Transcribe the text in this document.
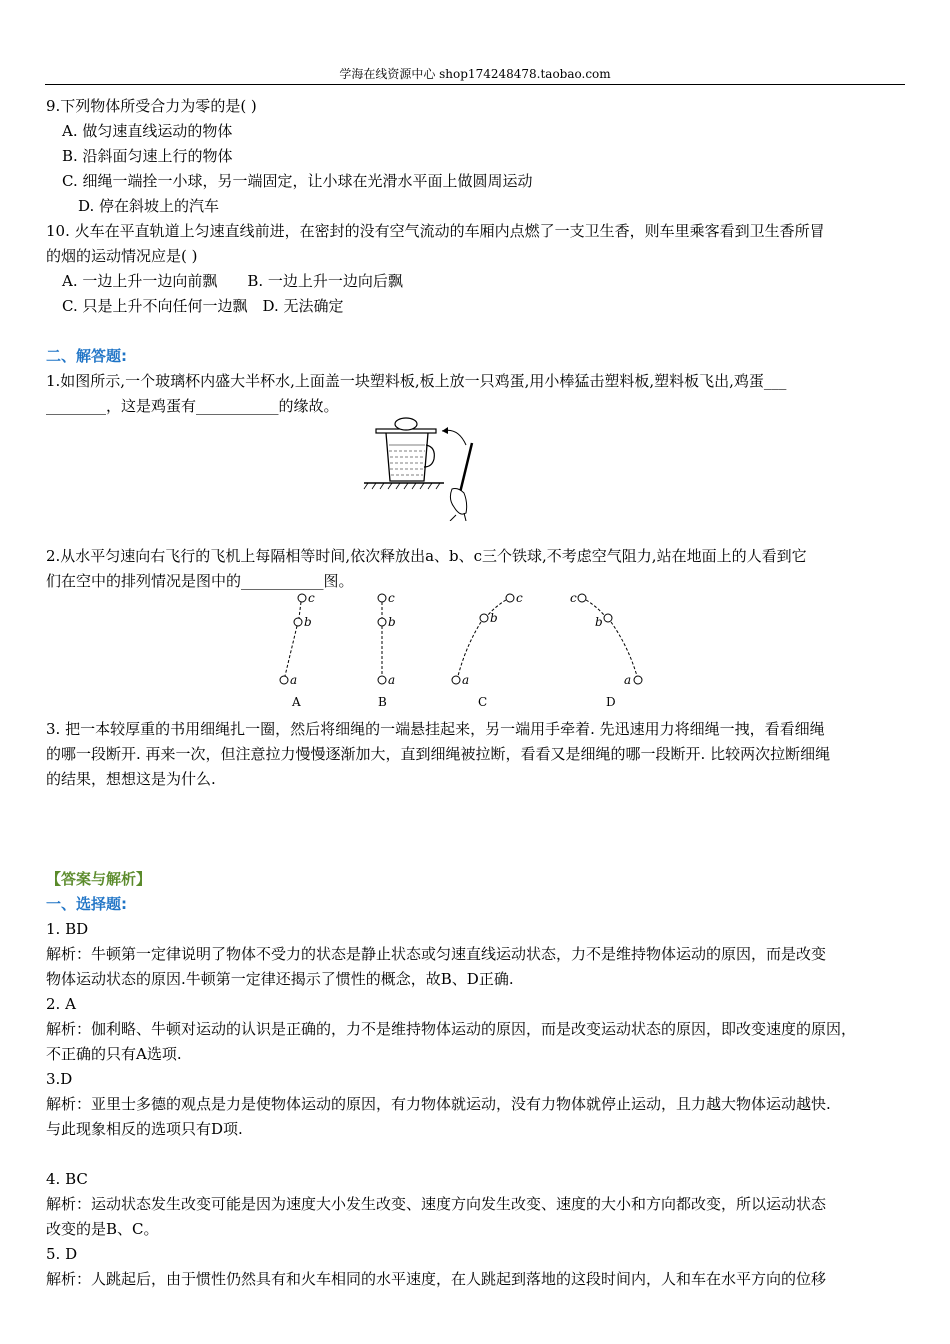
学海在线资源中心 shop174248478.taobao.com
9.下列物体所受合力为零的是( )
A. 做匀速直线运动的物体
B. 沿斜面匀速上行的物体
C. 细绳一端拴一小球，另一端固定，让小球在光滑水平面上做圆周运动
D. 停在斜坡上的汽车
10. 火车在平直轨道上匀速直线前进，在密封的没有空气流动的车厢内点燃了一支卫生香，则车里乘客看到卫生香所冒
的烟的运动情况应是( )
A. 一边上升一边向前飘　　B. 一边上升一边向后飘
C. 只是上升不向任何一边飘　D. 无法确定
二、解答题:
1.如图所示,一个玻璃杯内盛大半杯水,上面盖一块塑料板,板上放一只鸡蛋,用小棒猛击塑料板,塑料板飞出,鸡蛋___
________，这是鸡蛋有___________的缘故。
2.从水平匀速向右飞行的飞机上每隔相等时间,依次释放出a、b、c三个铁球,不考虑空气阻力,站在地面上的人看到它
们在空中的排列情况是图中的___________图。
c
b
a
A
c
b
a
B
c
b
a
C
c
b
a
D
3. 把一本较厚重的书用细绳扎一圈，然后将细绳的一端悬挂起来，另一端用手牵着. 先迅速用力将细绳一拽，看看细绳
的哪一段断开. 再来一次，但注意拉力慢慢逐渐加大，直到细绳被拉断，看看又是细绳的哪一段断开. 比较两次拉断细绳
的结果，想想这是为什么.
【答案与解析】
一、选择题:
1. BD
解析：牛顿第一定律说明了物体不受力的状态是静止状态或匀速直线运动状态，力不是维持物体运动的原因，而是改变
物体运动状态的原因.牛顿第一定律还揭示了惯性的概念，故B、D正确.
2. A
解析：伽利略、牛顿对运动的认识是正确的，力不是维持物体运动的原因，而是改变运动状态的原因，即改变速度的原因，
不正确的只有A选项.
3.D
解析：亚里士多德的观点是力是使物体运动的原因，有力物体就运动，没有力物体就停止运动，且力越大物体运动越快.
与此现象相反的选项只有D项.
4. BC
解析：运动状态发生改变可能是因为速度大小发生改变、速度方向发生改变、速度的大小和方向都改变，所以运动状态
改变的是B、C。
5. D
解析：人跳起后，由于惯性仍然具有和火车相同的水平速度，在人跳起到落地的这段时间内，人和车在水平方向的位移
